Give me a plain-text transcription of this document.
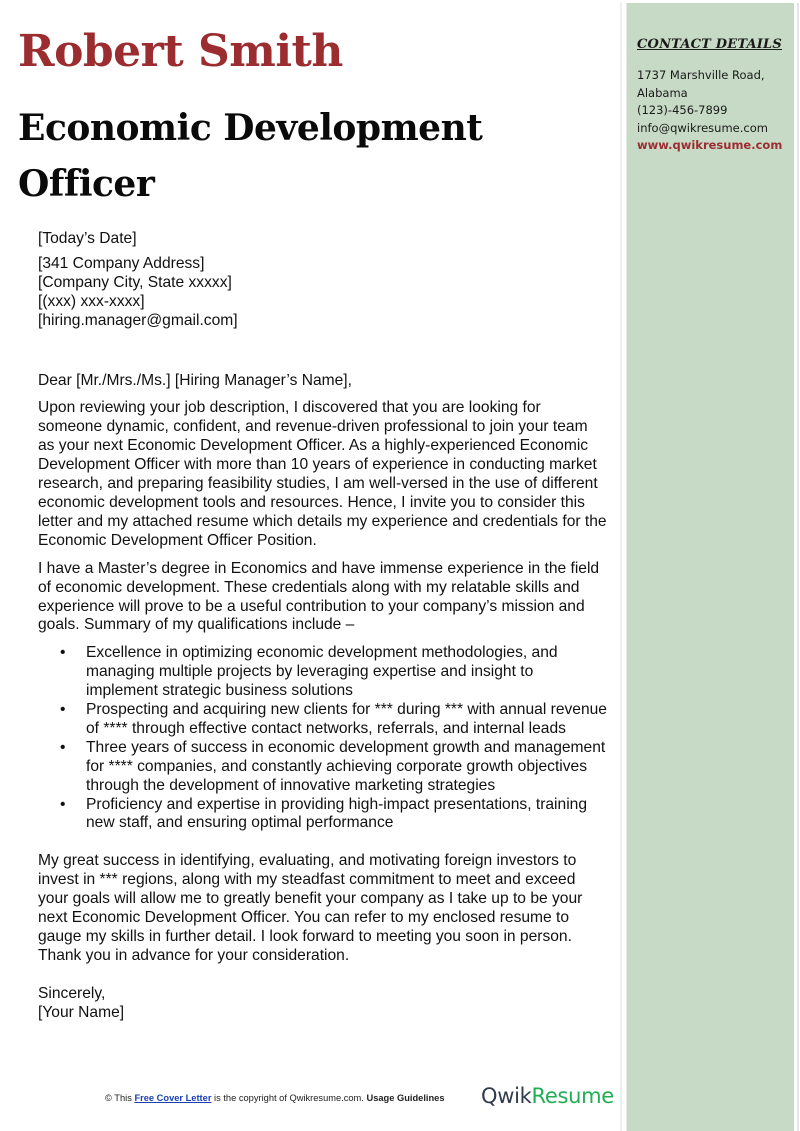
CONTACT DETAILS
1737 Marshville Road,
Alabama
(123)-456-7899
info@qwikresume.com
www.qwikresume.com
Robert Smith
Economic Development Officer

[Today’s Date]

[341 Company Address]

[Company City, State xxxxx]

[(xxx) xxx-xxxx]

[hiring.manager@gmail.com]

Dear [Mr./Mrs./Ms.] [Hiring Manager’s Name],

Upon reviewing your job description, I discovered that you are looking for someone dynamic, confident, and revenue-driven professional to join your team as your next Economic Development Officer. As a highly-experienced Economic Development Officer with more than 10 years of experience in conducting market research, and preparing feasibility studies, I am well-versed in the use of different economic development tools and resources. Hence, I invite you to consider this letter and my attached resume which details my experience and credentials for the Economic Development Officer Position.

I have a Master’s degree in Economics and have immense experience in the field of economic development. These credentials along with my relatable skills and experience will prove to be a useful contribution to your company’s mission and goals. Summary of my qualifications include –

• Excellence in optimizing economic development methodologies, and managing multiple projects by leveraging expertise and insight to implement strategic business solutions
• Prospecting and acquiring new clients for *** during *** with annual revenue of **** through effective contact networks, referrals, and internal leads
• Three years of success in economic development growth and management for **** companies, and constantly achieving corporate growth objectives through the development of innovative marketing strategies
• Proficiency and expertise in providing high-impact presentations, training new staff, and ensuring optimal performance

My great success in identifying, evaluating, and motivating foreign investors to invest in *** regions, along with my steadfast commitment to meet and exceed your goals will allow me to greatly benefit your company as I take up to be your next Economic Development Officer. You can refer to my enclosed resume to gauge my skills in further detail. I look forward to meeting you soon in person. Thank you in advance for your consideration.

Sincerely,

[Your Name]

© This Free Cover Letter is the copyright of Qwikresume.com. Usage Guidelines QwikResume
